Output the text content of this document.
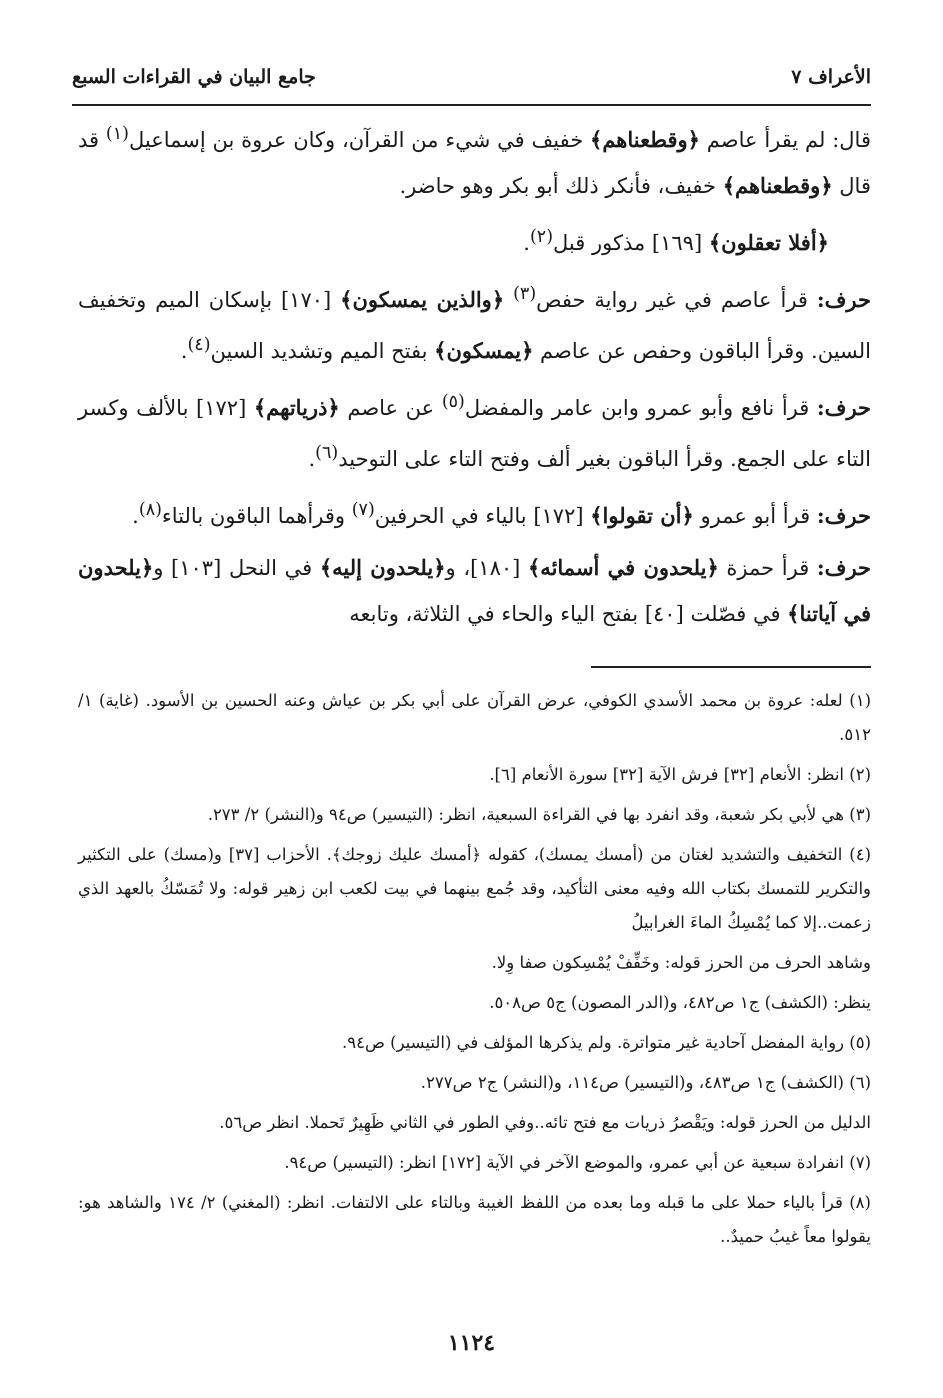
الأعراف ٧
جامع البيان في القراءات السبع

قال: لم يقرأ عاصم ﴿وقطعناهم﴾ خفيف في شيء من القرآن، وكان عروة بن إسماعيل$^{(١)}$ قد قال ﴿وقطعناهم﴾ خفيف، فأنكر ذلك أبو بكر وهو حاضر.

  ﴿أفلا تعقلون﴾ [١٦٩] مذكور قبل$^{(٢)}$.

حرف: قرأ عاصم في غير رواية حفص$^{(٣)}$ ﴿والذين يمسكون﴾ [١٧٠] بإسكان الميم وتخفيف السين. وقرأ الباقون وحفص عن عاصم ﴿يمسكون﴾ بفتح الميم وتشديد السين$^{(٤)}$.

حرف: قرأ نافع وأبو عمرو وابن عامر والمفضل$^{(٥)}$ عن عاصم ﴿ذرياتهم﴾ [١٧٢] بالألف وكسر التاء على الجمع. وقرأ الباقون بغير ألف وفتح التاء على التوحيد$^{(٦)}$.

حرف: قرأ أبو عمرو ﴿أن تقولوا﴾ [١٧٢] بالياء في الحرفين$^{(٧)}$ وقرأهما الباقون بالتاء$^{(٨)}$.

حرف: قرأ حمزة ﴿يلحدون في أسمائه﴾ [١٨٠]، و﴿يلحدون إليه﴾ في النحل [١٠٣] و﴿يلحدون في آياتنا﴾ في فصّلت [٤٠] بفتح الياء والحاء في الثلاثة، وتابعه

(١) لعله: عروة بن محمد الأسدي الكوفي، عرض القرآن على أبي بكر بن عياش وعنه الحسين بن الأسود. (غاية) ١/ ٥١٢.

(٢) انظر: الأنعام [٣٢] فرش الآية [٣٢] سورة الأنعام [٦].

(٣) هي لأبي بكر شعبة، وقد انفرد بها في القراءة السبعية، انظر: (التيسير) ص٩٤ و(النشر) ٢/ ٢٧٣.

(٤) التخفيف والتشديد لغتان من (أمسك يمسك)، كقوله ﴿أمسك عليك زوجك﴾. الأحزاب [٣٧] و(مسك) على التكثير والتكرير للتمسك بكتاب الله وفيه معنى التأكيد، وقد جُمع بينهما في بيت لكعب ابن زهير قوله: ولا تُمَسّكُ بالعهد الذي زعمت..إلا كما يُمْسِكُ الماءَ الغرابيلُ

وشاهد الحرف من الحرز قوله: وخَفِّفْ يُمْسِكون صفا وِلا.

ينظر: (الكشف) ج١ ص٤٨٢، و(الدر المصون) ج٥ ص٥٠٨.

(٥) رواية المفضل آحادية غير متواترة. ولم يذكرها المؤلف في (التيسير) ص٩٤.

(٦) (الكشف) ج١ ص٤٨٣، و(التيسير) ص١١٤، و(النشر) ج٢ ص٢٧٧.

الدليل من الحرز قوله: ويَقْصرُ ذريات مع فتح تائه..وفي الطور في الثاني ظَهِيرٌ تَحملا. انظر ص٥٦.

(٧) انفرادة سبعية عن أبي عمرو، والموضع الآخر في الآية [١٧٢] انظر: (التيسير) ص٩٤.

(٨) قرأ بالياء حملا على ما قبله وما بعده من اللفظ الغيبة وبالتاء على الالتفات. انظر: (المغني) ٢/ ١٧٤ والشاهد هو: يقولوا معاً غيبُ حميدٌ..

١١٢٤
